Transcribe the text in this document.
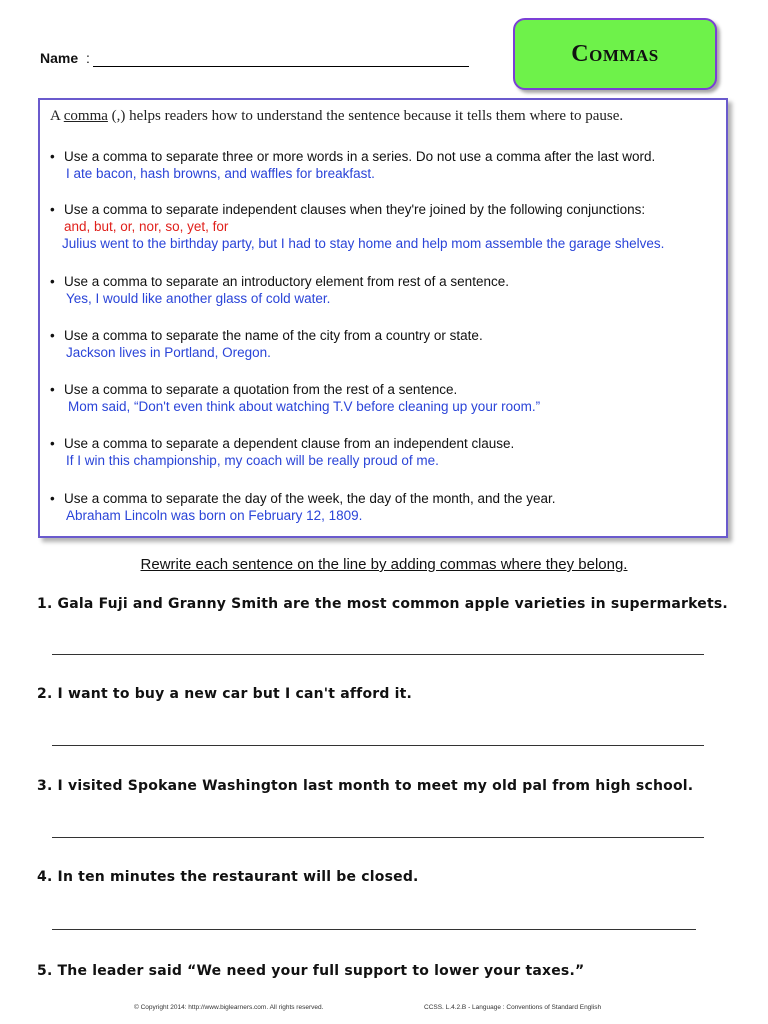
Name :	Commas
A comma (,) helps readers how to understand the sentence because it tells them where to pause.
• Use a comma to separate three or more words in a series. Do not use a comma after the last word.
I ate bacon, hash browns, and waffles for breakfast.
• Use a comma to separate independent clauses when they're joined by the following conjunctions:
and, but, or, nor, so, yet, for
Julius went to the birthday party, but I had to stay home and help mom assemble the garage shelves.
• Use a comma to separate an introductory element from rest of a sentence.
Yes, I would like another glass of cold water.
• Use a comma to separate the name of the city from a country or state.
Jackson lives in Portland, Oregon.
• Use a comma to separate a quotation from the rest of a sentence.
Mom said, “Don't even think about watching T.V before cleaning up your room.”
• Use a comma to separate a dependent clause from an independent clause.
If I win this championship, my coach will be really proud of me.
• Use a comma to separate the day of the week, the day of the month, and the year.
Abraham Lincoln was born on February 12, 1809.
Rewrite each sentence on the line by adding commas where they belong.
1. Gala Fuji and Granny Smith are the most common apple varieties in supermarkets.
2. I want to buy a new car but I can't afford it.
3. I visited Spokane Washington last month to meet my old pal from high school.
4. In ten minutes the restaurant will be closed.
5. The leader said “We need your full support to lower your taxes.”
© Copyright 2014: http://www.biglearners.com. All rights reserved.	CCSS. L.4.2.B - Language : Conventions of Standard English
